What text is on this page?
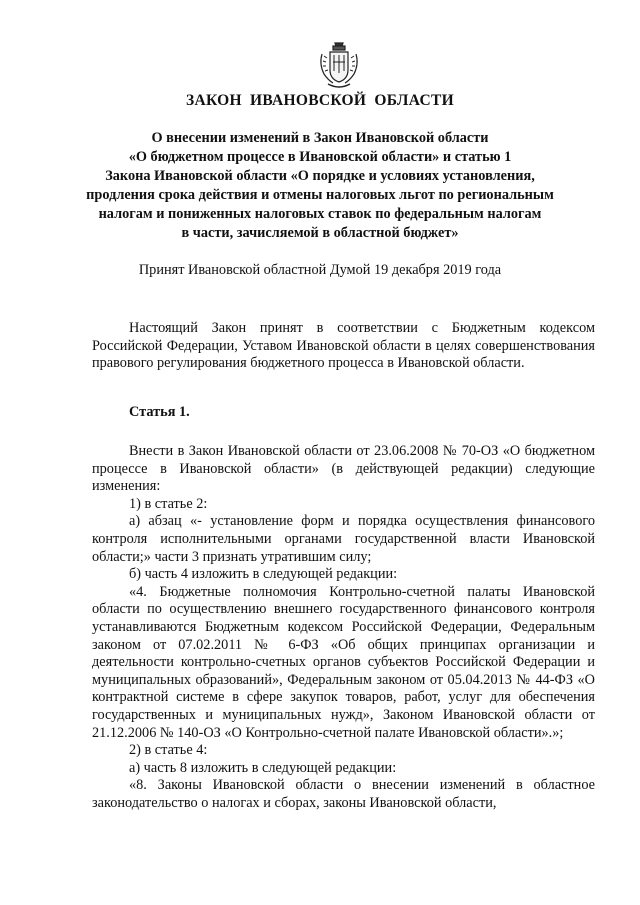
ЗАКОН ИВАНОВСКОЙ ОБЛАСТИ
О внесении изменений в Закон Ивановской области
«О бюджетном процессе в Ивановской области» и статью 1
Закона Ивановской области «О порядке и условиях установления,
продления срока действия и отмены налоговых льгот по региональным
налогам и пониженных налоговых ставок по федеральным налогам
в части, зачисляемой в областной бюджет»
Принят Ивановской областной Думой 19 декабря 2019 года

Настоящий Закон принят в соответствии с Бюджетным кодексом Российской Федерации, Уставом Ивановской области в целях совершенствования правового регулирования бюджетного процесса в Ивановской области.

Статья 1.

Внести в Закон Ивановской области от 23.06.2008 № 70-ОЗ «О бюджетном процессе в Ивановской области» (в действующей редакции) следующие изменения:

1) в статье 2:

а) абзац «- установление форм и порядка осуществления финансового контроля исполнительными органами государственной власти Ивановской области;» части 3 признать утратившим силу;

б) часть 4 изложить в следующей редакции:

«4. Бюджетные полномочия Контрольно-счетной палаты Ивановской области по осуществлению внешнего государственного финансового контроля устанавливаются Бюджетным кодексом Российской Федерации, Федеральным законом от 07.02.2011 № 6-ФЗ «Об общих принципах организации и деятельности контрольно-счетных органов субъектов Российской Федерации и муниципальных образований», Федеральным законом от 05.04.2013 № 44-ФЗ «О контрактной системе в сфере закупок товаров, работ, услуг для обеспечения государственных и муниципальных нужд», Законом Ивановской области от 21.12.2006 № 140-ОЗ «О Контрольно-счетной палате Ивановской области».»;

2) в статье 4:

а) часть 8 изложить в следующей редакции:

«8. Законы Ивановской области о внесении изменений в областное законодательство о налогах и сборах, законы Ивановской области,
